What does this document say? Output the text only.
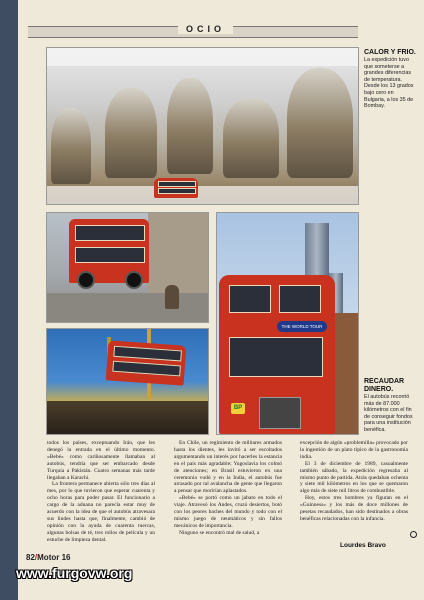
OCIO
THE WORLD TOUR
BP
CALOR Y FRIO.
La expedición tuvo que someterse a grandes diferencias de temperatura. Desde los 13 grados bajo cero en Bulgaria, a los 35 de Bombay.
RECAUDAR DINERO.
El autobús recorrió más de 87.000 kilómetros con el fin de conseguir fondos para una institución benéfica.

todos los países, exceptuando Irán, que les denegó la entrada en el último momento. «Bebé» como cariñosamente llamaban al autobús, tendría que ser embarcado desde Turquía a Pakistán. Cuatro semanas más tarde llegaban a Karachi.

La frontera permanece abierta sólo tres días al mes, por lo que tuvieron que esperar cuarenta y ocho horas para poder pasar. El funcionario a cargo de la aduana no parecía estar muy de acuerdo con la idea de que el autobús atravesara sus lindes hasta que, finalmente, cambió de opinión con la ayuda de cuarenta tuercas, algunas bolsas de té, tres rollos de película y un estuche de limpieza dental.

En Chile, un regimiento de militares armados hasta los dientes, les invitó a ser escoltados argumentando un interés por hacerles la estancia en el país más agradable; Yugoslavia los colmó de atenciones; en Brasil estuvieron en una ceremonia vudú y en la India, el autobús fue arrasado por tal avalancha de gente que llegaron a pensar que morirían aplastados.

«Bebé» se portó como un jabato en todo el viaje. Atravesó los Andes, cruzó desiertos, botó con los peores baches del mundo y todo con el mismo juego de neumáticos y sin fallos mecánicos de importancia.

Ninguno se encontró mal de salud, a

excepción de algún «problemilla» provocado por la ingestión de un plato típico de la gastronomía india.

El 3 de diciembre de 1989, casualmente también sábado, la expedición regresaba al mismo punto de partida. Atrás quedaban ochenta y siete mil kilómetros en los que se quemaron algo más de siete mil litros de combustible.

Hoy, estos tres hombres ya figuran en el «Guinness» y los más de doce millones de pesetas recaudados, han sido destinados a obras benéficas relacionadas con la infancia.

Lourdes Bravo
82/Motor 16
www.furgovw.org
